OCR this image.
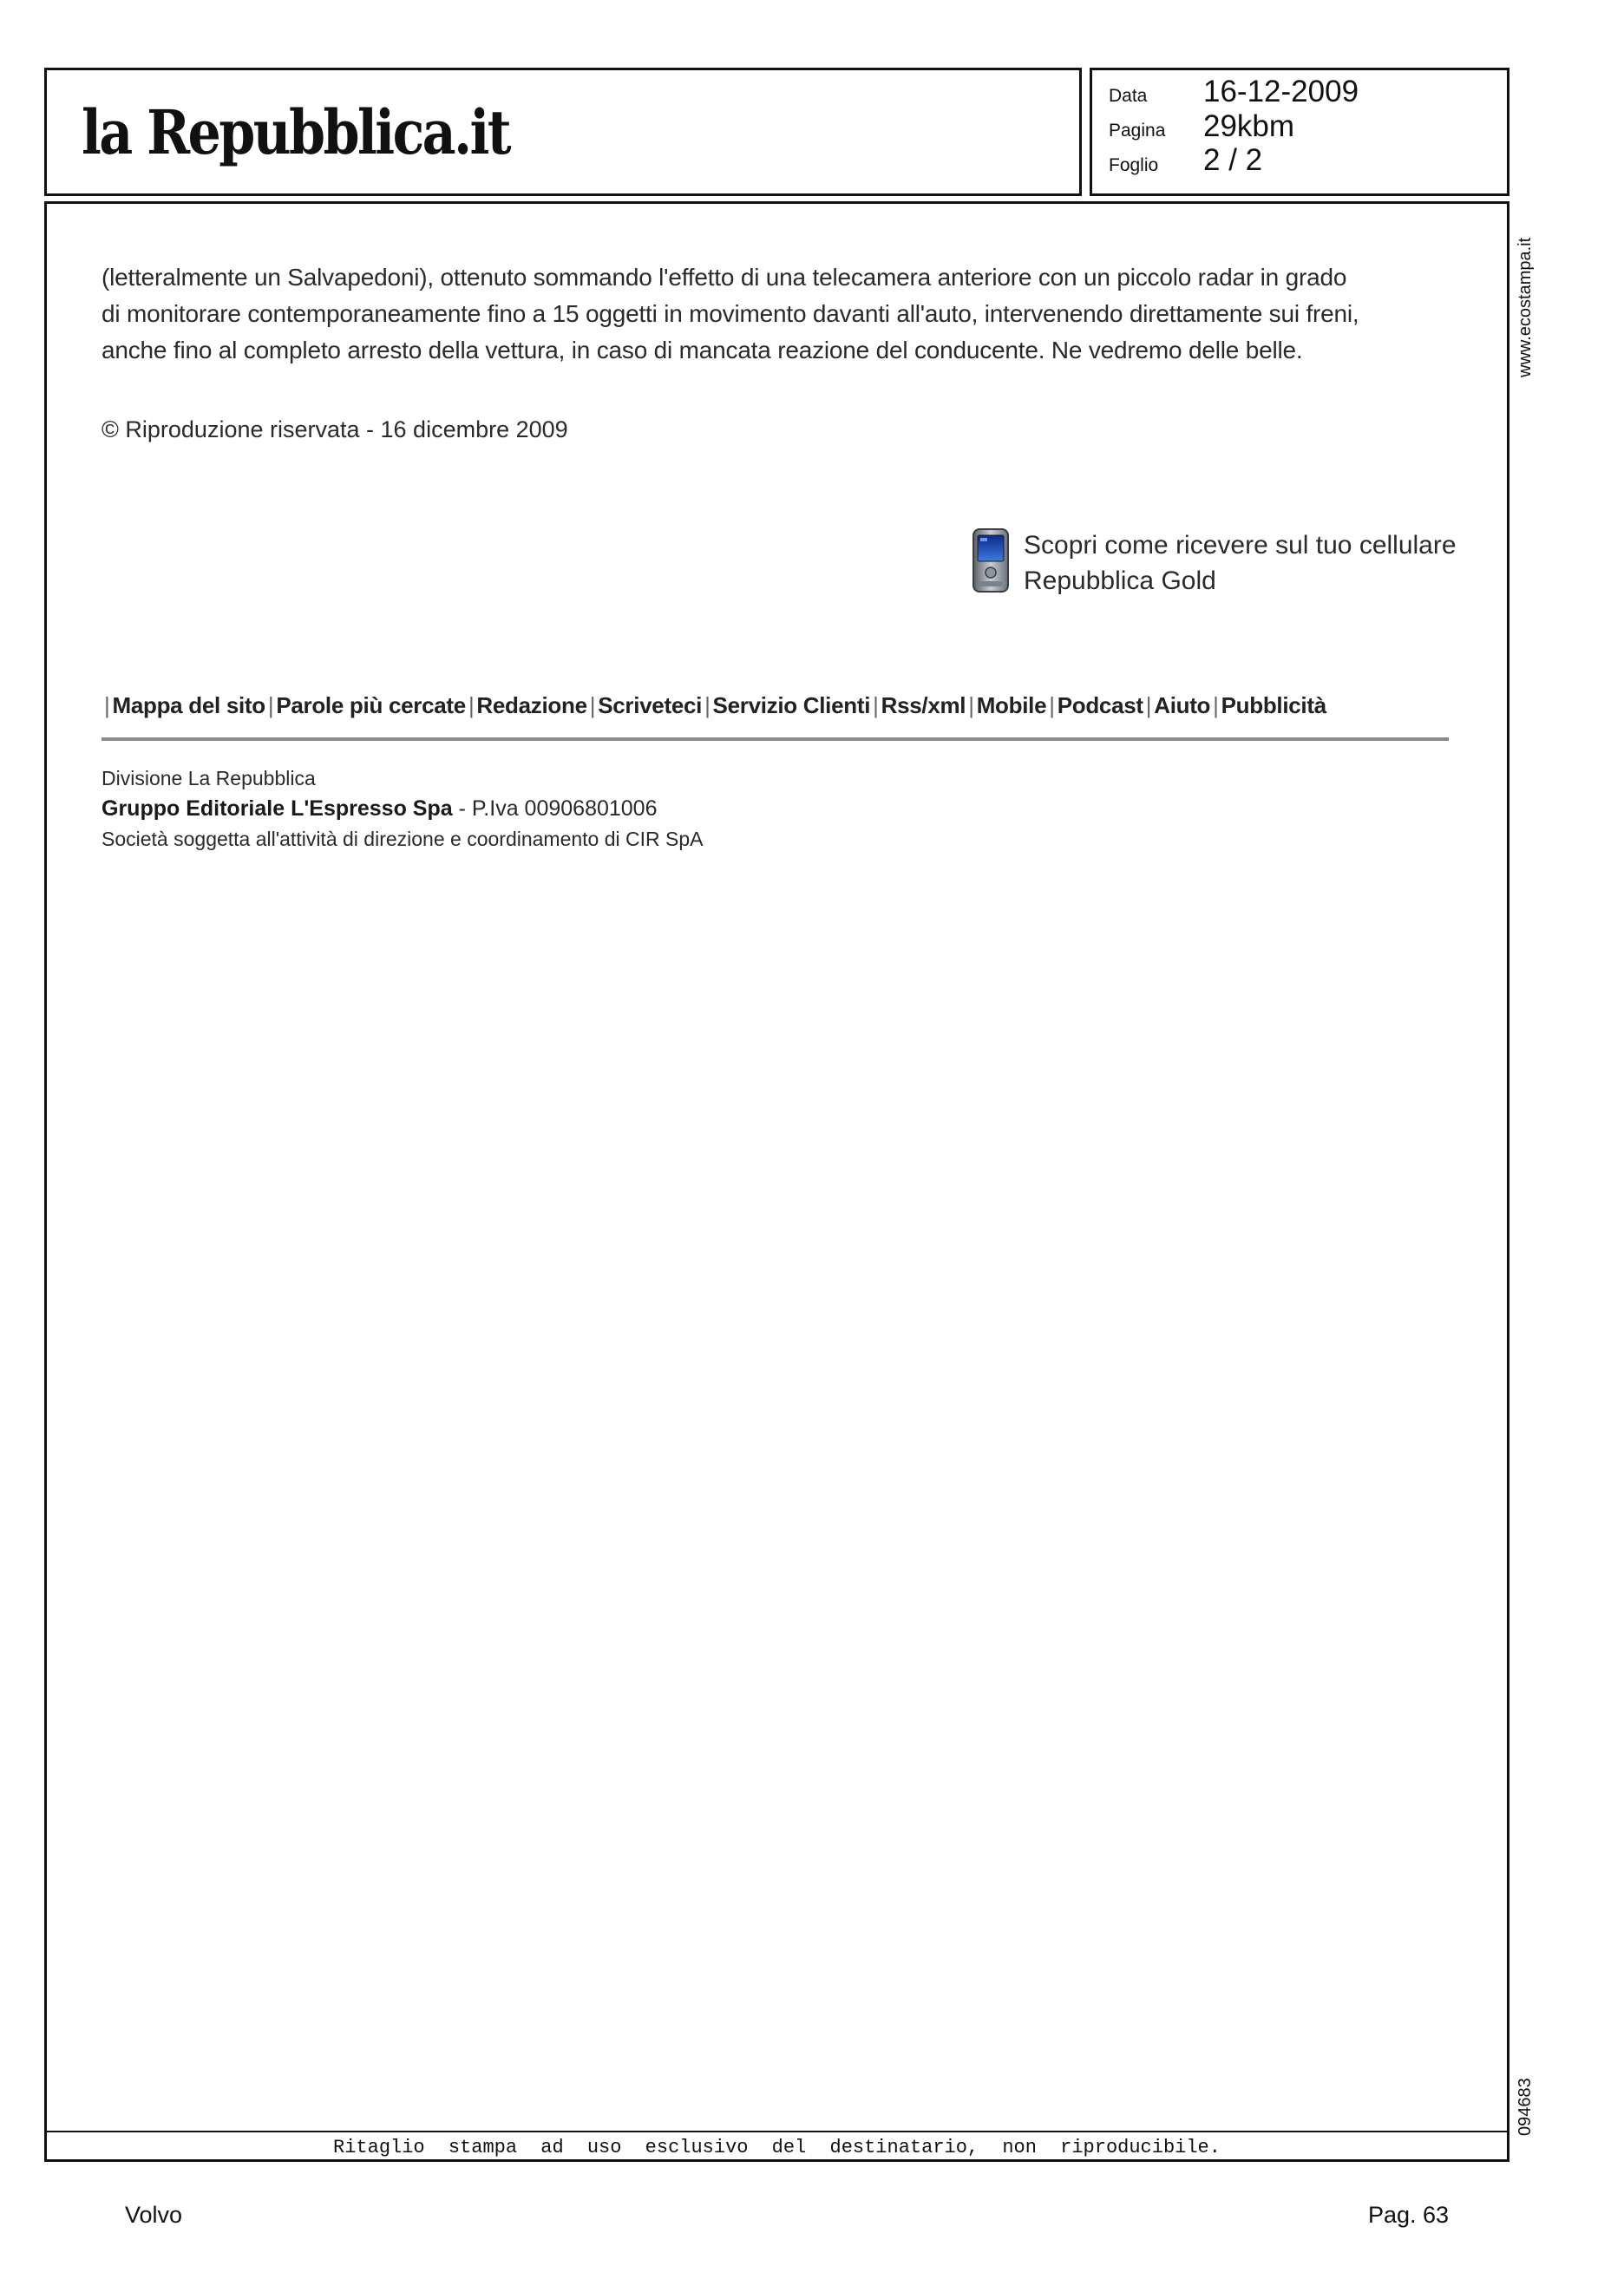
la Repubblica.it
Data 16-12-2009
Pagina 29kbm
Foglio 2 / 2
www.ecostampa.it
094683
Ritaglio stampa ad uso esclusivo del destinatario, non riproducibile.
(letteralmente un Salvapedoni), ottenuto sommando l'effetto di una telecamera anteriore con un piccolo radar in grado
di monitorare contemporaneamente fino a 15 oggetti in movimento davanti all'auto, intervenendo direttamente sui freni,
anche fino al completo arresto della vettura, in caso di mancata reazione del conducente. Ne vedremo delle belle.
© Riproduzione riservata - 16 dicembre 2009
Scopri come ricevere sul tuo cellulare
Repubblica Gold
| Mappa del sito | Parole più cercate | Redazione | Scriveteci | Servizio Clienti | Rss/xml | Mobile | Podcast | Aiuto | Pubblicità
Divisione La Repubblica
Gruppo Editoriale L'Espresso Spa - P.Iva 00906801006
Società soggetta all'attività di direzione e coordinamento di CIR SpA
Volvo	Pag. 63
